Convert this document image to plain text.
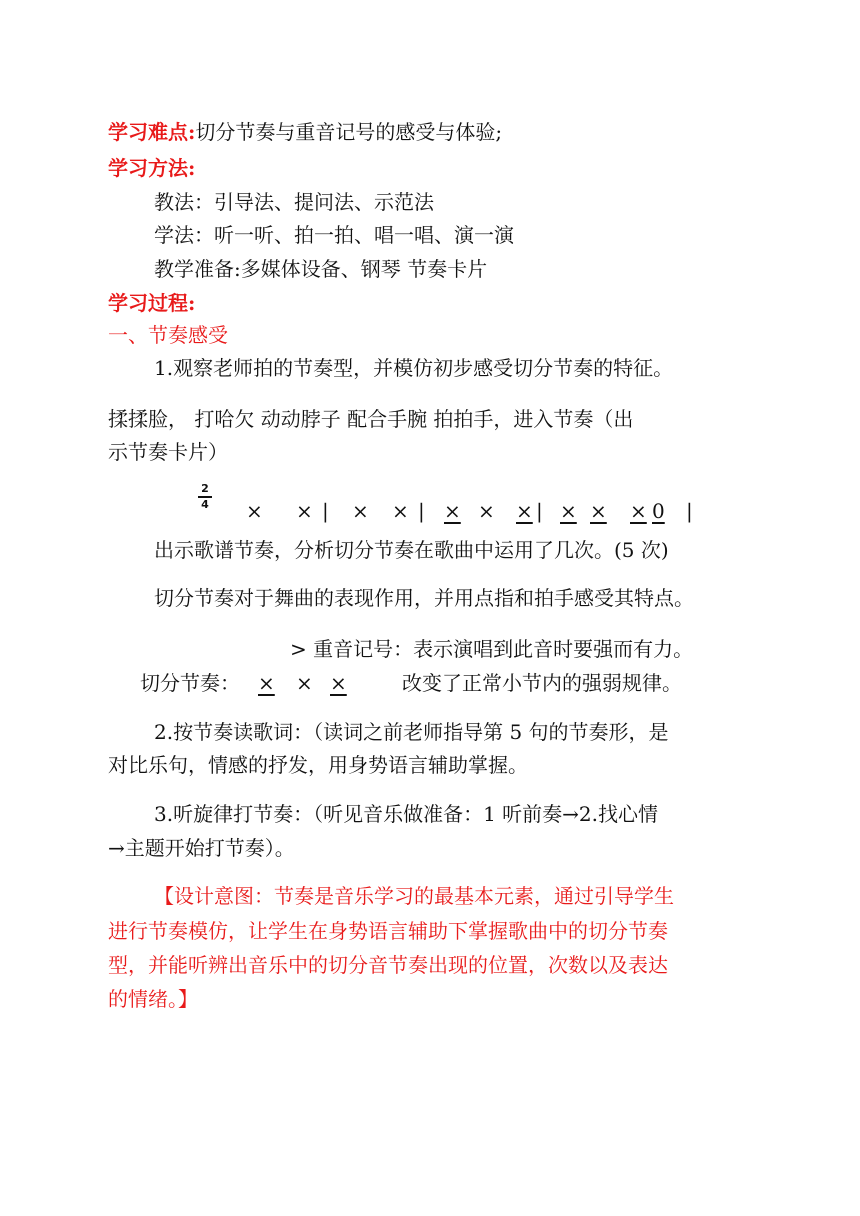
学习难点:切分节奏与重音记号的感受与体验;
学习方法:
教法：引导法、提问法、示范法
学法：听一听、拍一拍、唱一唱、演一演
教学准备:多媒体设备、钢琴 节奏卡片
学习过程:
一、节奏感受
1.观察老师拍的节奏型，并模仿初步感受切分节奏的特征。
揉揉脸， 打哈欠 动动脖子 配合手腕 拍拍手，进入节奏（出
示节奏卡片）
2
4 × × | × × | × × × | × × × 0 |
出示歌谱节奏，分析切分节奏在歌曲中运用了几次。(5 次)
切分节奏对于舞曲的表现作用，并用点指和拍手感受其特点。
> 重音记号：表示演唱到此音时要强而有力。
切分节奏： × × ×	改变了正常小节内的强弱规律。
2.按节奏读歌词：（读词之前老师指导第 5 句的节奏形，是
对比乐句，情感的抒发，用身势语言辅助掌握。
3.听旋律打节奏：（听见音乐做准备：1 听前奏→2.找心情
→主题开始打节奏）。
【设计意图：节奏是音乐学习的最基本元素，通过引导学生
进行节奏模仿，让学生在身势语言辅助下掌握歌曲中的切分节奏
型，并能听辨出音乐中的切分音节奏出现的位置，次数以及表达
的情绪。】
